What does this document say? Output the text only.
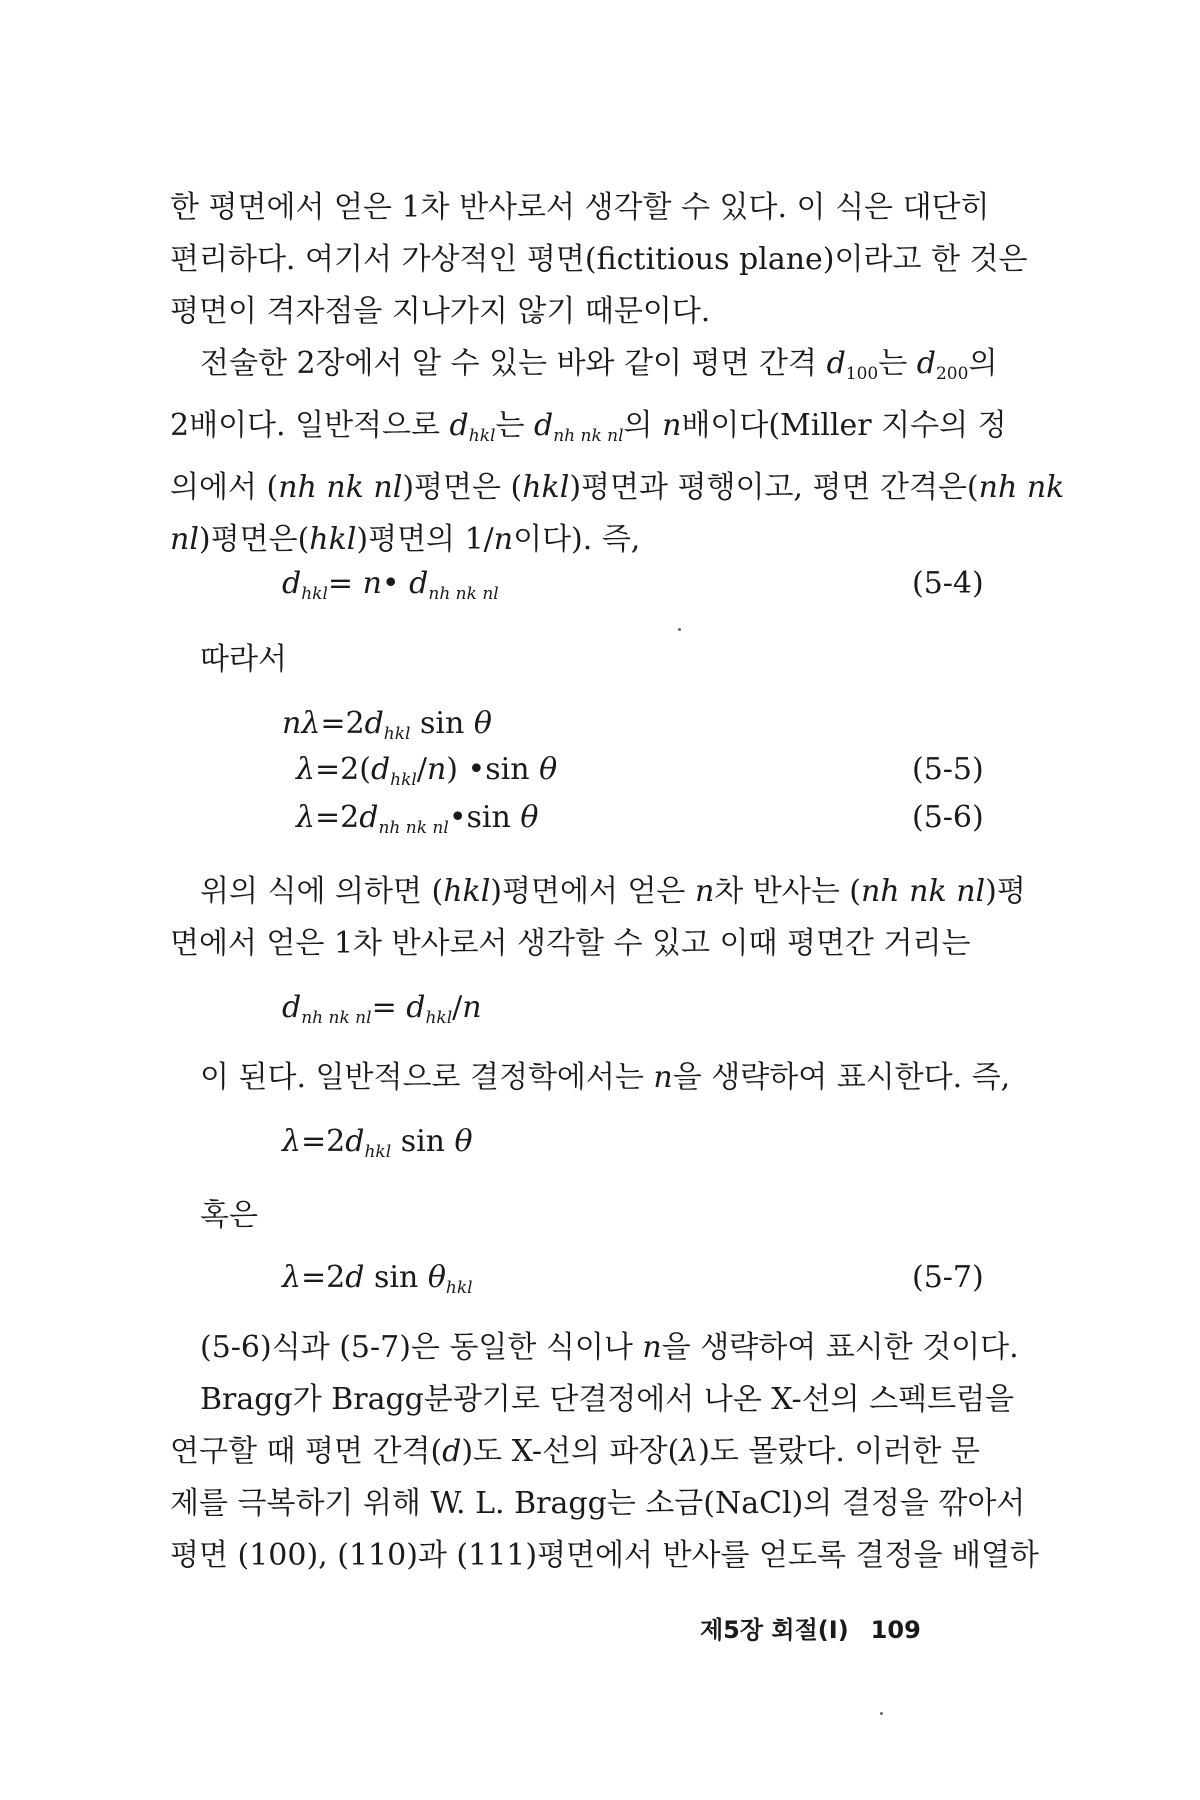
한 평면에서 얻은 1차 반사로서 생각할 수 있다. 이 식은 대단히
편리하다. 여기서 가상적인 평면(fictitious plane)이라고 한 것은
평면이 격자점을 지나가지 않기 때문이다.
전술한 2장에서 알 수 있는 바와 같이 평면 간격 $d_{100}$는 $d_{200}$의
2배이다. 일반적으로 $d_{hkl}$는 $d_{nh nk nl}$의 n배이다(Miller 지수의 정
의에서 (nh nk nl)평면은 (hkl)평면과 평행이고, 평면 간격은(nh nk
nl)평면은(hkl)평면의 1/n이다). 즉,
$d_{hkl}=$ n• $d_{nh nk nl}$	(5-4)
따라서
$n\lambda=2d_{hkl}$ sin θ
$\lambda=2(d_{hkl}/n)$ •sin θ	(5-5)
$\lambda=2d_{nh nk nl}•\sin$ θ	(5-6)
위의 식에 의하면 (hkl)평면에서 얻은 n차 반사는 (nh nk nl)평
면에서 얻은 1차 반사로서 생각할 수 있고 이때 평면간 거리는
$d_{nh nk nl}= d_{hkl}/n$
이 된다. 일반적으로 결정학에서는 n을 생략하여 표시한다. 즉,
$\lambda=2d_{hkl}$ sin θ
혹은
λ=2d $\sin \theta_{hkl}$	(5-7)
(5-6)식과 (5-7)은 동일한 식이나 n을 생략하여 표시한 것이다.
Bragg가 Bragg분광기로 단결정에서 나온 X-선의 스펙트럼을
연구할 때 평면 간격(d)도 X-선의 파장(λ)도 몰랐다. 이러한 문
제를 극복하기 위해 W. L. Bragg는 소금(NaCl)의 결정을 깎아서
평면 (100), (110)과 (111)평면에서 반사를 얻도록 결정을 배열하
제5장 회절(I) 109
